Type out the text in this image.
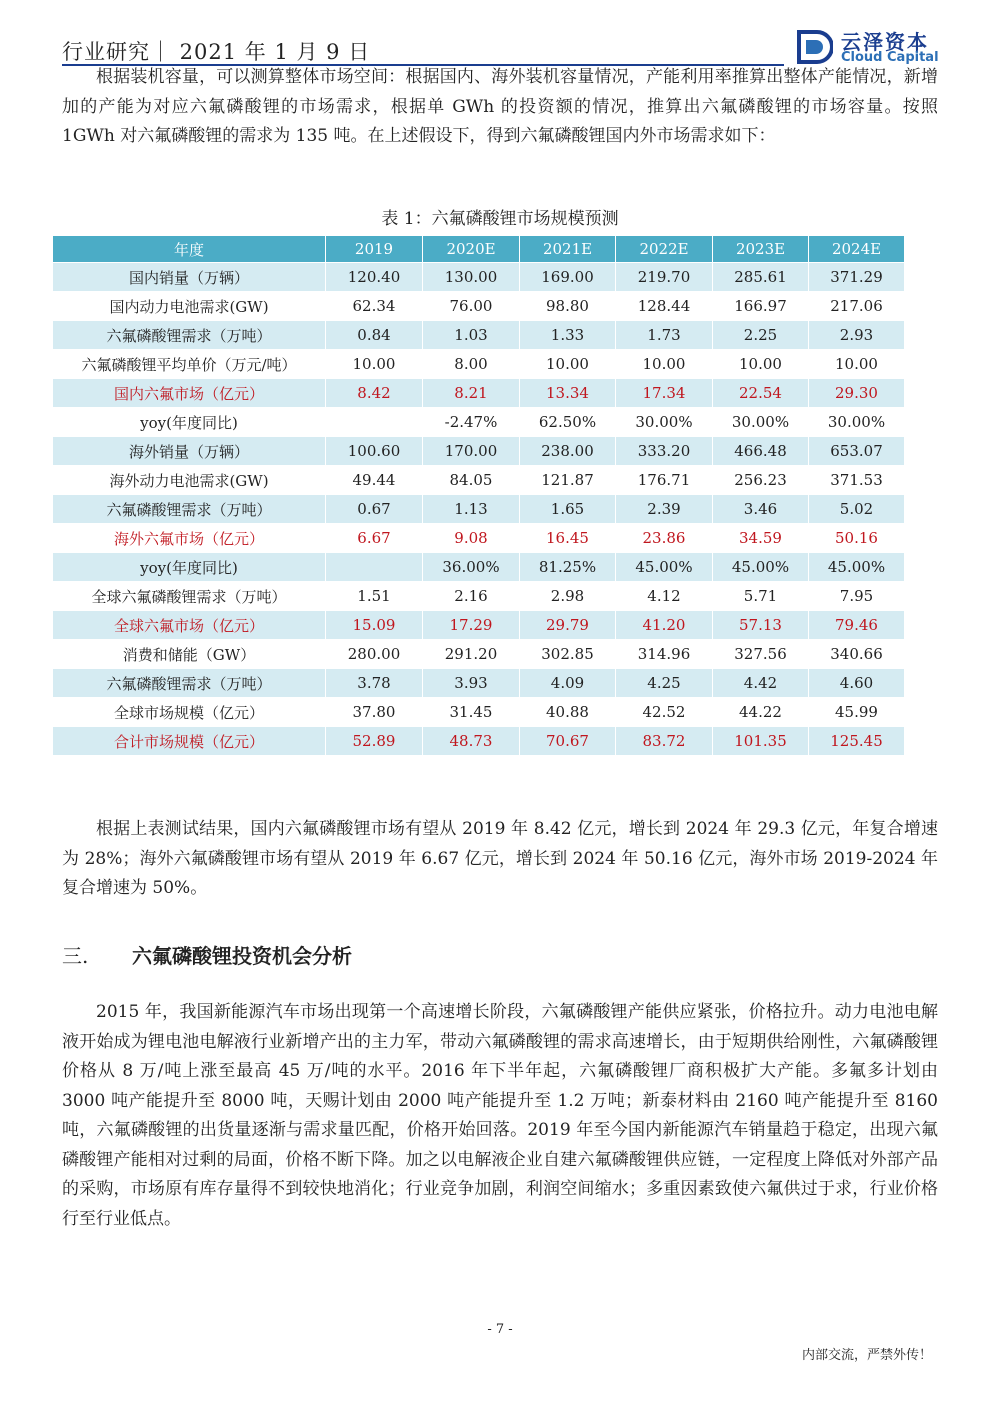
行业研究｜ 2021 年 1 月 9 日	云泽资本
Cloud Capital

根据装机容量，可以测算整体市场空间：根据国内、海外装机容量情况，产能利用率推算出整体产能情况，新增加的产能为对应六氟磷酸锂的市场需求，根据单 GWh 的投资额的情况，推算出六氟磷酸锂的市场容量。按照 1GWh 对六氟磷酸锂的需求为 135 吨。在上述假设下，得到六氟磷酸锂国内外市场需求如下：

表 1：六氟磷酸锂市场规模预测
年度	2019	2020E	2021E	2022E	2023E	2024E
国内销量（万辆）	120.40	130.00	169.00	219.70	285.61	371.29
国内动力电池需求(GW)	62.34	76.00	98.80	128.44	166.97	217.06
六氟磷酸锂需求（万吨）	0.84	1.03	1.33	1.73	2.25	2.93
六氟磷酸锂平均单价（万元/吨）	10.00	8.00	10.00	10.00	10.00	10.00
国内六氟市场（亿元）	8.42	8.21	13.34	17.34	22.54	29.30
yoy(年度同比)		-2.47%	62.50%	30.00%	30.00%	30.00%
海外销量（万辆）	100.60	170.00	238.00	333.20	466.48	653.07
海外动力电池需求(GW)	49.44	84.05	121.87	176.71	256.23	371.53
六氟磷酸锂需求（万吨）	0.67	1.13	1.65	2.39	3.46	5.02
海外六氟市场（亿元）	6.67	9.08	16.45	23.86	34.59	50.16
yoy(年度同比)		36.00%	81.25%	45.00%	45.00%	45.00%
全球六氟磷酸锂需求（万吨）	1.51	2.16	2.98	4.12	5.71	7.95
全球六氟市场（亿元）	15.09	17.29	29.79	41.20	57.13	79.46
消费和储能（GW）	280.00	291.20	302.85	314.96	327.56	340.66
六氟磷酸锂需求（万吨）	3.78	3.93	4.09	4.25	4.42	4.60
全球市场规模（亿元）	37.80	31.45	40.88	42.52	44.22	45.99
合计市场规模（亿元）	52.89	48.73	70.67	83.72	101.35	125.45

根据上表测试结果，国内六氟磷酸锂市场有望从 2019 年 8.42 亿元，增长到 2024 年 29.3 亿元，年复合增速为 28%；海外六氟磷酸锂市场有望从 2019 年 6.67 亿元，增长到 2024 年 50.16 亿元，海外市场 2019-2024 年复合增速为 50%。

三. 六氟磷酸锂投资机会分析

2015 年，我国新能源汽车市场出现第一个高速增长阶段，六氟磷酸锂产能供应紧张，价格拉升。动力电池电解液开始成为锂电池电解液行业新增产出的主力军，带动六氟磷酸锂的需求高速增长，由于短期供给刚性，六氟磷酸锂价格从 8 万/吨上涨至最高 45 万/吨的水平。2016 年下半年起，六氟磷酸锂厂商积极扩大产能。多氟多计划由 3000 吨产能提升至 8000 吨，天赐计划由 2000 吨产能提升至 1.2 万吨；新泰材料由 2160 吨产能提升至 8160 吨，六氟磷酸锂的出货量逐渐与需求量匹配，价格开始回落。2019 年至今国内新能源汽车销量趋于稳定，出现六氟磷酸锂产能相对过剩的局面，价格不断下降。加之以电解液企业自建六氟磷酸锂供应链，一定程度上降低对外部产品的采购，市场原有库存量得不到较快地消化；行业竞争加剧，利润空间缩水；多重因素致使六氟供过于求，行业价格行至行业低点。

- 7 -
内部交流，严禁外传！
